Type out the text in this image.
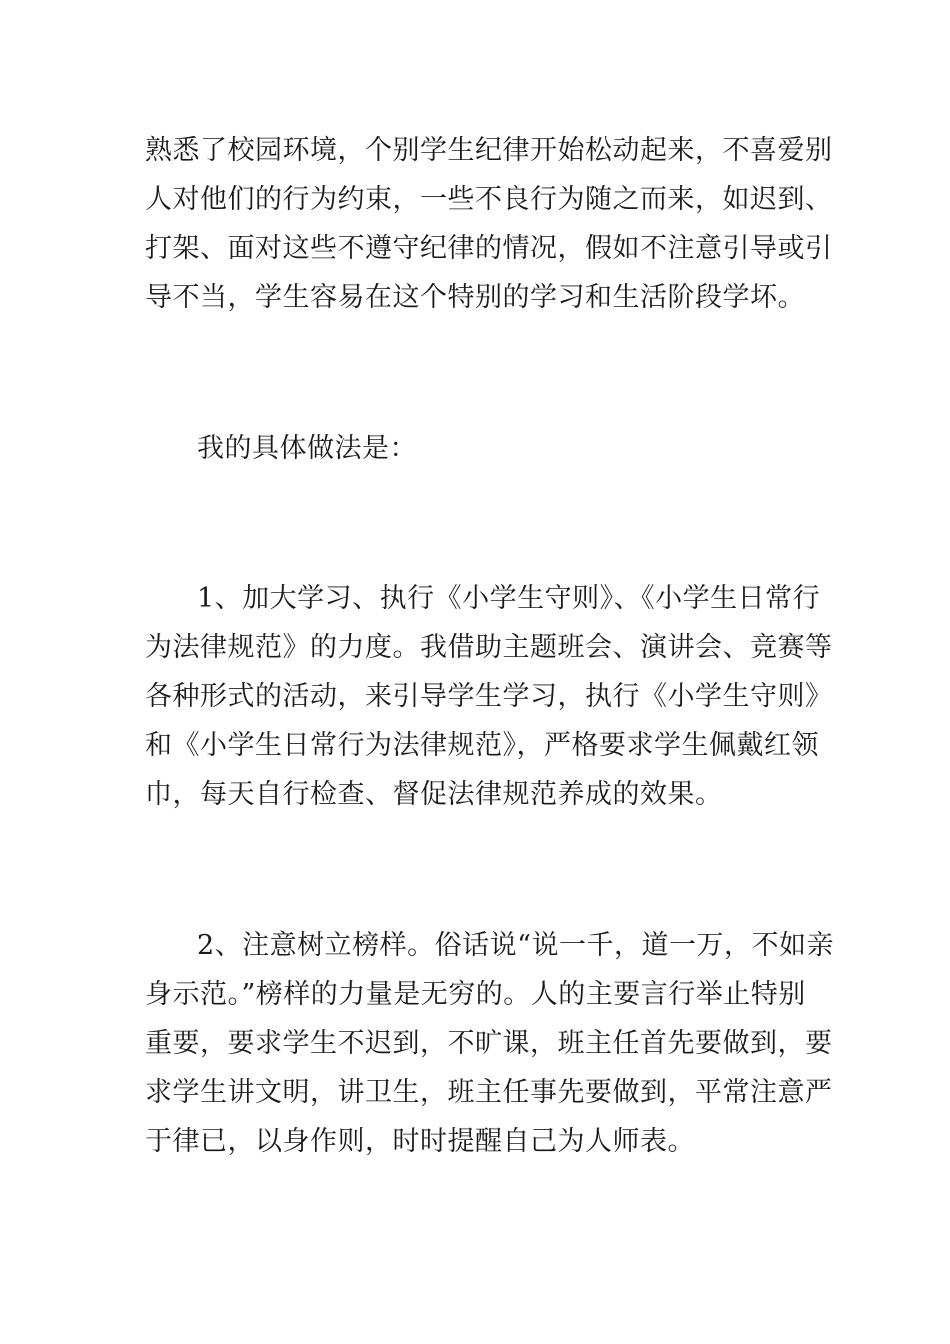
熟悉了校园环境，个别学生纪律开始松动起来，不喜爱别
人对他们的行为约束，一些不良行为随之而来，如迟到、
打架、面对这些不遵守纪律的情况，假如不注意引导或引
导不当，学生容易在这个特别的学习和生活阶段学坏。
我的具体做法是：
1、加大学习、执行《小学生守则》、《小学生日常行
为法律规范》的力度。我借助主题班会、演讲会、竞赛等
各种形式的活动，来引导学生学习，执行《小学生守则》
和《小学生日常行为法律规范》，严格要求学生佩戴红领
巾，每天自行检查、督促法律规范养成的效果。
2、注意树立榜样。俗话说“说一千，道一万，不如亲
身示范。”榜样的力量是无穷的。人的主要言行举止特别
重要，要求学生不迟到，不旷课，班主任首先要做到，要
求学生讲文明，讲卫生，班主任事先要做到，平常注意严
于律已，以身作则，时时提醒自己为人师表。
